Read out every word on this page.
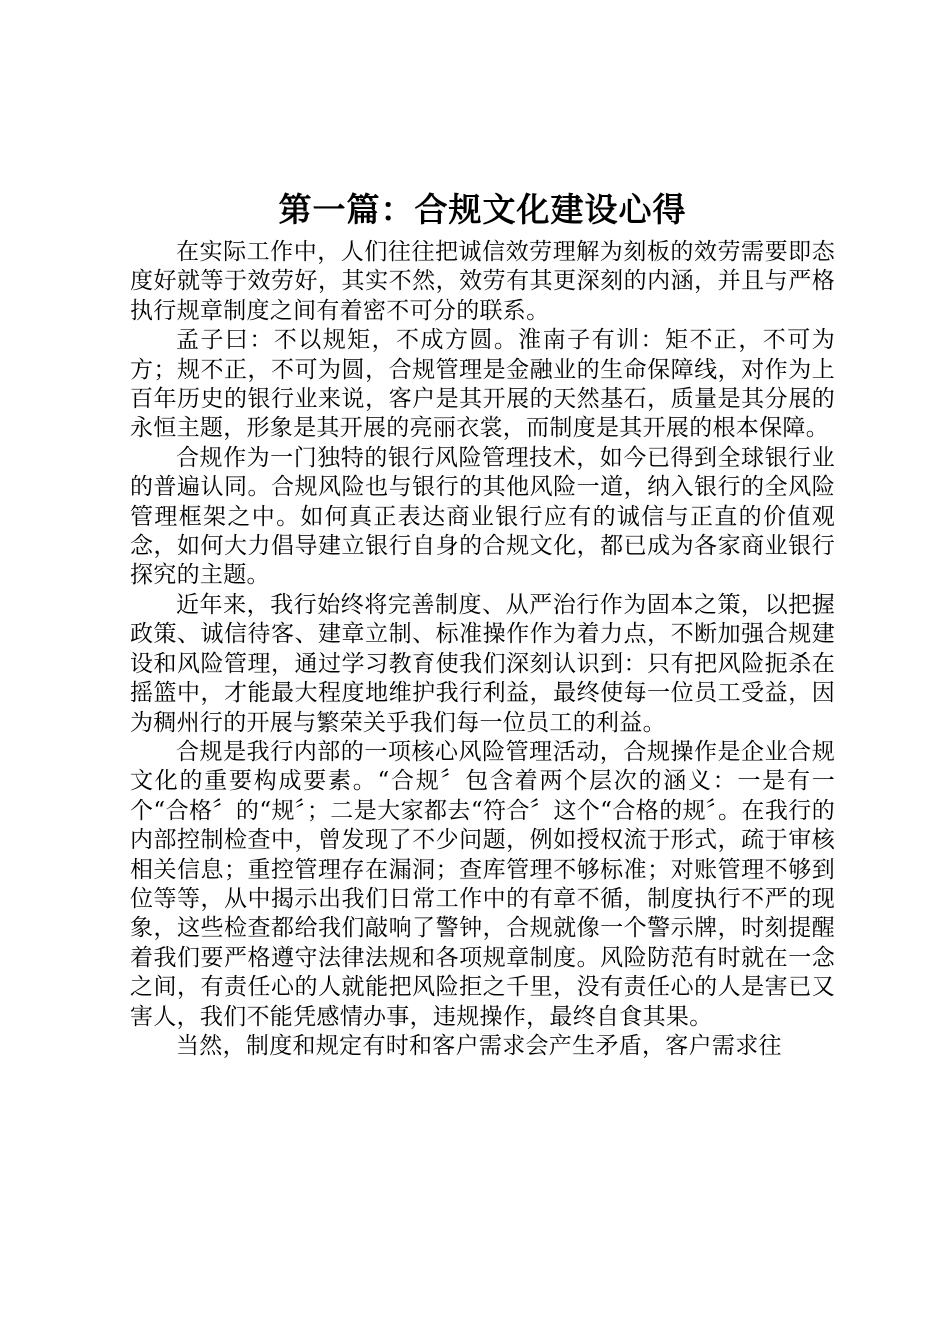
第一篇：合规文化建设心得

在实际工作中，人们往往把诚信效劳理解为刻板的效劳需要即态度好就等于效劳好，其实不然，效劳有其更深刻的内涵，并且与严格执行规章制度之间有着密不可分的联系。

孟子曰：不以规矩，不成方圆。淮南子有训：矩不正，不可为方；规不正，不可为圆，合规管理是金融业的生命保障线，对作为上百年历史的银行业来说，客户是其开展的天然基石，质量是其分展的永恒主题，形象是其开展的亮丽衣裳，而制度是其开展的根本保障。

合规作为一门独特的银行风险管理技术，如今已得到全球银行业的普遍认同。合规风险也与银行的其他风险一道，纳入银行的全风险管理框架之中。如何真正表达商业银行应有的诚信与正直的价值观念，如何大力倡导建立银行自身的合规文化，都已成为各家商业银行探究的主题。

近年来，我行始终将完善制度、从严治行作为固本之策，以把握政策、诚信待客、建章立制、标准操作作为着力点，不断加强合规建设和风险管理，通过学习教育使我们深刻认识到：只有把风险扼杀在摇篮中，才能最大程度地维护我行利益，最终使每一位员工受益，因为稠州行的开展与繁荣关乎我们每一位员工的利益。

合规是我行内部的一项核心风险管理活动，合规操作是企业合规文化的重要构成要素。“合规〞包含着两个层次的涵义：一是有一个“合格〞的“规〞；二是大家都去“符合〞这个“合格的规〞。在我行的内部控制检查中，曾发现了不少问题，例如授权流于形式，疏于审核相关信息；重控管理存在漏洞；查库管理不够标准；对账管理不够到位等等，从中揭示出我们日常工作中的有章不循，制度执行不严的现象，这些检查都给我们敲响了警钟，合规就像一个警示牌，时刻提醒着我们要严格遵守法律法规和各项规章制度。风险防范有时就在一念之间，有责任心的人就能把风险拒之千里，没有责任心的人是害已又害人，我们不能凭感情办事，违规操作，最终自食其果。

当然，制度和规定有时和客户需求会产生矛盾，客户需求往
